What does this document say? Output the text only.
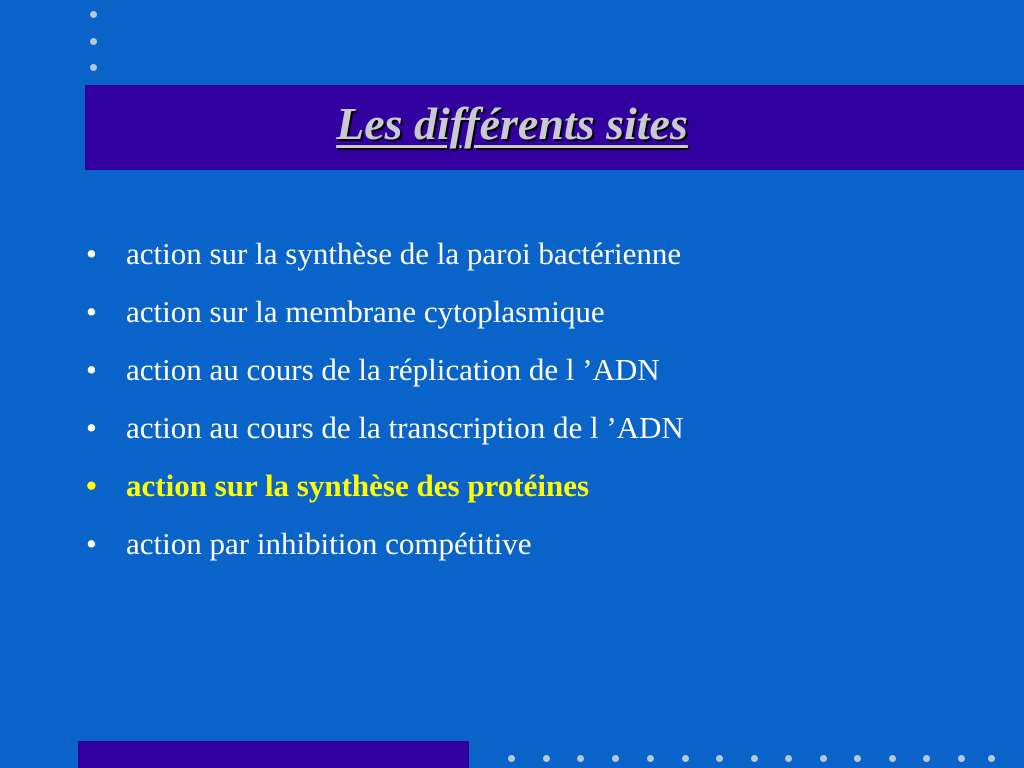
Les différents sites
• action sur la synthèse de la paroi bactérienne
• action sur la membrane cytoplasmique
• action au cours de la réplication de l ’ADN
• action au cours de la transcription de l ’ADN
• action sur la synthèse des protéines
• action par inhibition compétitive
